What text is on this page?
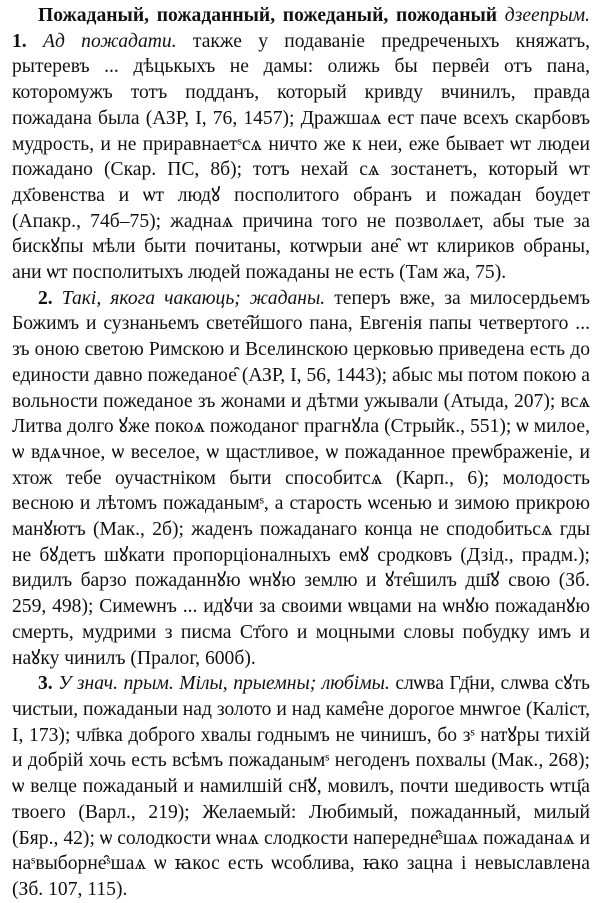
Пожаданый, пожаданный, пожеданый, пожоданый дзеепрым. 1. Ад пожадати. также у подаваніе предреченыхъ княжатъ, рытеревъ ... дѣцькыхъ не дамы: олижь бы перве̑и отъ пана, которомужъ тотъ подданъ, который кривду вчинилъ, правда пожадана была (АЗР, I, 76, 1457); Дражшаѧ ест паче всехъ скарбовъ мудрость, и не приравнаетˢсѧ ничто же к неи, еже бывает ѡт людеи пожадано (Скар. ПС, 8б); тотъ нехай сѧ зостанетъ, который ѡт дх҃овенства и ѡт людꙋ посполитого обранъ и пожадан боудет (Апакр., 74б–75); жаднаѧ причина того не позволѧет, абы тые за бискꙋпы мѣли быти почитаны, котѡрыи ане̑ ѡт клириков обраны, ани ѡт посполитыхъ людей пожаданы не есть (Там жа, 75).

2. Такі, якога чакаюць; жаданы. теперъ вже, за милосердьемъ Божимъ и сузнаньемъ свете̑йшого пана, Евгенія папы четвертого ... зъ оною светою Римскою и Вселинскою церковью приведена есть до единости давно пожеданое̑ (АЗР, I, 56, 1443); абыс мы потом покою а вольности пожеданое зъ жонами и дѣтми ужывали (Атыда, 207); всѧ Литва долго ꙋже покоѧ пожоданог прагнꙋла (Стрыйк., 551); ѡ милое, ѡ вдѧчное, ѡ веселое, ѡ щастливое, ѡ пожаданное преѡбраженіе, и хтож тебе оучастнiком быти способитсѧ (Карп., 6); молодость весною и лѣтомъ пожаданымˢ, а старость ѡсенью и зимою прикрою манꙋютъ (Мак., 2б); жаденъ пожаданаго конца не сподобитьсѧ гды не бꙋдетъ шꙋкати пропорціоналныхъ емꙋ сродковъ (Дзід., прадм.); видилъ барзо пожаданнꙋю ѡнꙋю землю и ꙋте̑шилъ дш҃ꙋ свою (Зб. 259, 498); Симеѡнъ ... идꙋчи за своими ѡвцами на ѡнꙋю пожаданꙋю смерть, мудрими з писма Ст҃ого и моцными словы побудку имъ и наꙋку чинилъ (Пралог, 600б).

3. У знач. прым. Мілы, прыемны; любімы. слѡва Гд҃ни, слѡва сꙋть чистыи, пожаданыи над золото и над каме̑не дорогое мнѡгое (Каліст, I, 173); чл҃вка доброго хвалы годнымъ не чинишъ, бо зˢ натꙋры тихій и добрій хочь есть всѣмъ пожаданымˢ негоденъ похвалы (Мак., 268); ѡ велце пожаданый и намилшій сн҃ꙋ, мовилъ, почти шедивость ѡтц҃а твоего (Варл., 219); Желаемый: Любимый, пожаданный, милый (Бяр., 42); ѡ солодкости ѡнаѧ слодкости напередне̑ˢшаѧ пожаданаѧ и наˢвыборне̑ˢшаѧ ѡ ꙗкос есть ѡсоблива, ꙗко зацна і невыславлена (Зб. 107, 115).
